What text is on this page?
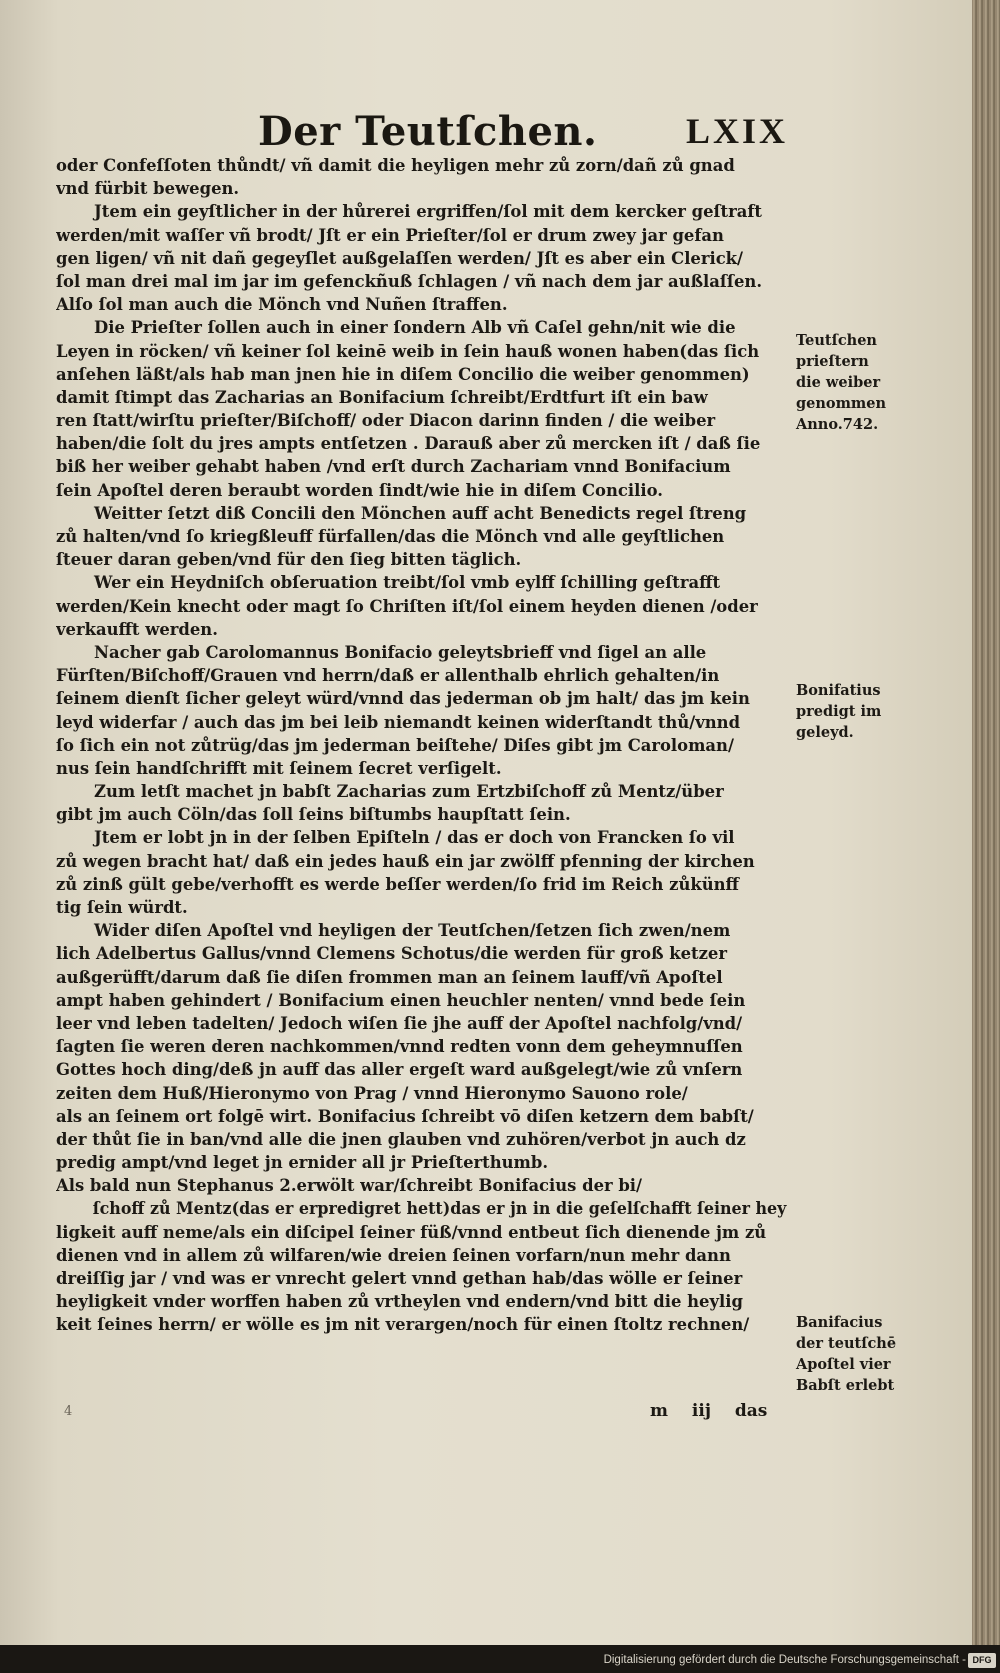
Der Teutſchen. LXIX
oder Confeſſoten thůndt/ vñ damit die heyligen mehr zů zorn/dañ zů gnad
vnd fürbit bewegen.
Jtem ein geyſtlicher in der hůrerei ergriffen/ſol mit dem kercker geſtraft
werden/mit waſſer vñ brodt/ Jſt er ein Prieſter/ſol er drum zwey jar gefan
gen ligen/ vñ nit dañ gegeyſlet außgelaſſen werden/ Jſt es aber ein Clerick/
ſol man drei mal im jar im gefenckñuß ſchlagen / vñ nach dem jar außlaſſen.
Alſo ſol man auch die Mönch vnd Nuñen ſtraffen.
Die Prieſter ſollen auch in einer ſondern Alb vñ Caſel gehn/nit wie die
Leyen in röcken/ vñ keiner ſol keinē weib in ſein hauß wonen haben(das ſich
anſehen läßt/als hab man jnen hie in diſem Concilio die weiber genommen)
damit ſtimpt das Zacharias an Bonifacium ſchreibt/Erdtfurt iſt ein baw
ren ſtatt/wirſtu prieſter/Biſchoff/ oder Diacon darinn finden / die weiber
haben/die ſolt du jres ampts entſetzen . Darauß aber zů mercken iſt / daß ſie
biß her weiber gehabt haben /vnd erſt durch Zachariam vnnd Bonifacium
ſein Apoſtel deren beraubt worden ſindt/wie hie in diſem Concilio.
Weitter ſetzt diß Concili den Mönchen auff acht Benedicts regel ſtreng
zů halten/vnd ſo kriegßleuff fürfallen/das die Mönch vnd alle geyſtlichen
ſteuer daran geben/vnd für den ſieg bitten täglich.
Wer ein Heydniſch obſeruation treibt/ſol vmb eylff ſchilling geſtrafft
werden/Kein knecht oder magt ſo Chriſten iſt/ſol einem heyden dienen /oder
verkaufft werden.
Nacher gab Carolomannus Bonifacio geleytsbrieff vnd ſigel an alle
Fürſten/Biſchoff/Grauen vnd herrn/daß er allenthalb ehrlich gehalten/in
ſeinem dienſt ſicher geleyt würd/vnnd das jederman ob jm halt/ das jm kein
leyd widerfar / auch das jm bei leib niemandt keinen widerſtandt thů/vnnd
ſo ſich ein not zůtrüg/das jm jederman beiſtehe/ Diſes gibt jm Caroloman/
nus ſein handſchrifft mit ſeinem ſecret verſigelt.
Zum letſt machet jn babſt Zacharias zum Ertzbiſchoff zů Mentz/über
gibt jm auch Cöln/das ſoll ſeins biſtumbs haupſtatt ſein.
Jtem er lobt jn in der ſelben Epiſteln / das er doch von Francken ſo vil
zů wegen bracht hat/ daß ein jedes hauß ein jar zwölff pfenning der kirchen
zů zinß gült gebe/verhofft es werde beſſer werden/ſo frid im Reich zůkünff
tig ſein würdt.
Wider diſen Apoſtel vnd heyligen der Teutſchen/ſetzen ſich zwen/nem
lich Adelbertus Gallus/vnnd Clemens Schotus/die werden für groß ketzer
außgerüfft/darum daß ſie diſen frommen man an ſeinem lauff/vñ Apoſtel
ampt haben gehindert / Bonifacium einen heuchler nenten/ vnnd bede ſein
leer vnd leben tadelten/ Jedoch wiſen ſie jhe auff der Apoſtel nachfolg/vnd/
ſagten ſie weren deren nachkommen/vnnd redten vonn dem geheymnuſſen
Gottes hoch ding/deß jn auff das aller ergeſt ward außgelegt/wie zů vnſern
zeiten dem Huß/Hieronymo von Prag / vnnd Hieronymo Sauono role/
als an ſeinem ort folgē wirt. Bonifacius ſchreibt vō diſen ketzern dem babſt/
der thůt ſie in ban/vnd alle die jnen glauben vnd zuhören/verbot jn auch dz
predig ampt/vnd leget jn ernider all jr Prieſterthumb.
Als bald nun Stephanus 2.erwölt war/ſchreibt Bonifacius der bi/
ſchoff zů Mentz(das er erpredigret hett)das er jn in die geſelſchafft ſeiner hey
ligkeit auff neme/als ein diſcipel ſeiner füß/vnnd entbeut ſich dienende jm zů
dienen vnd in allem zů wilfaren/wie dreien ſeinen vorfarn/nun mehr dann
dreiſſig jar / vnd was er vnrecht gelert vnnd gethan hab/das wölle er ſeiner
heyligkeit vnder worffen haben zů vrtheylen vnd endern/vnd bitt die heylig
keit ſeines herrn/ er wölle es jm nit verargen/noch für einen ſtoltz rechnen/
Teutſchen
prieſtern
die weiber
genommen
Anno.742.
Bonifatius
predigt im
geleyd.
Banifacius
der teutſchē
Apoſtel vier
Babſt erlebt
4	m iij das
Digitalisierung gefördert durch die Deutsche Forschungsgemeinschaft - DFG
